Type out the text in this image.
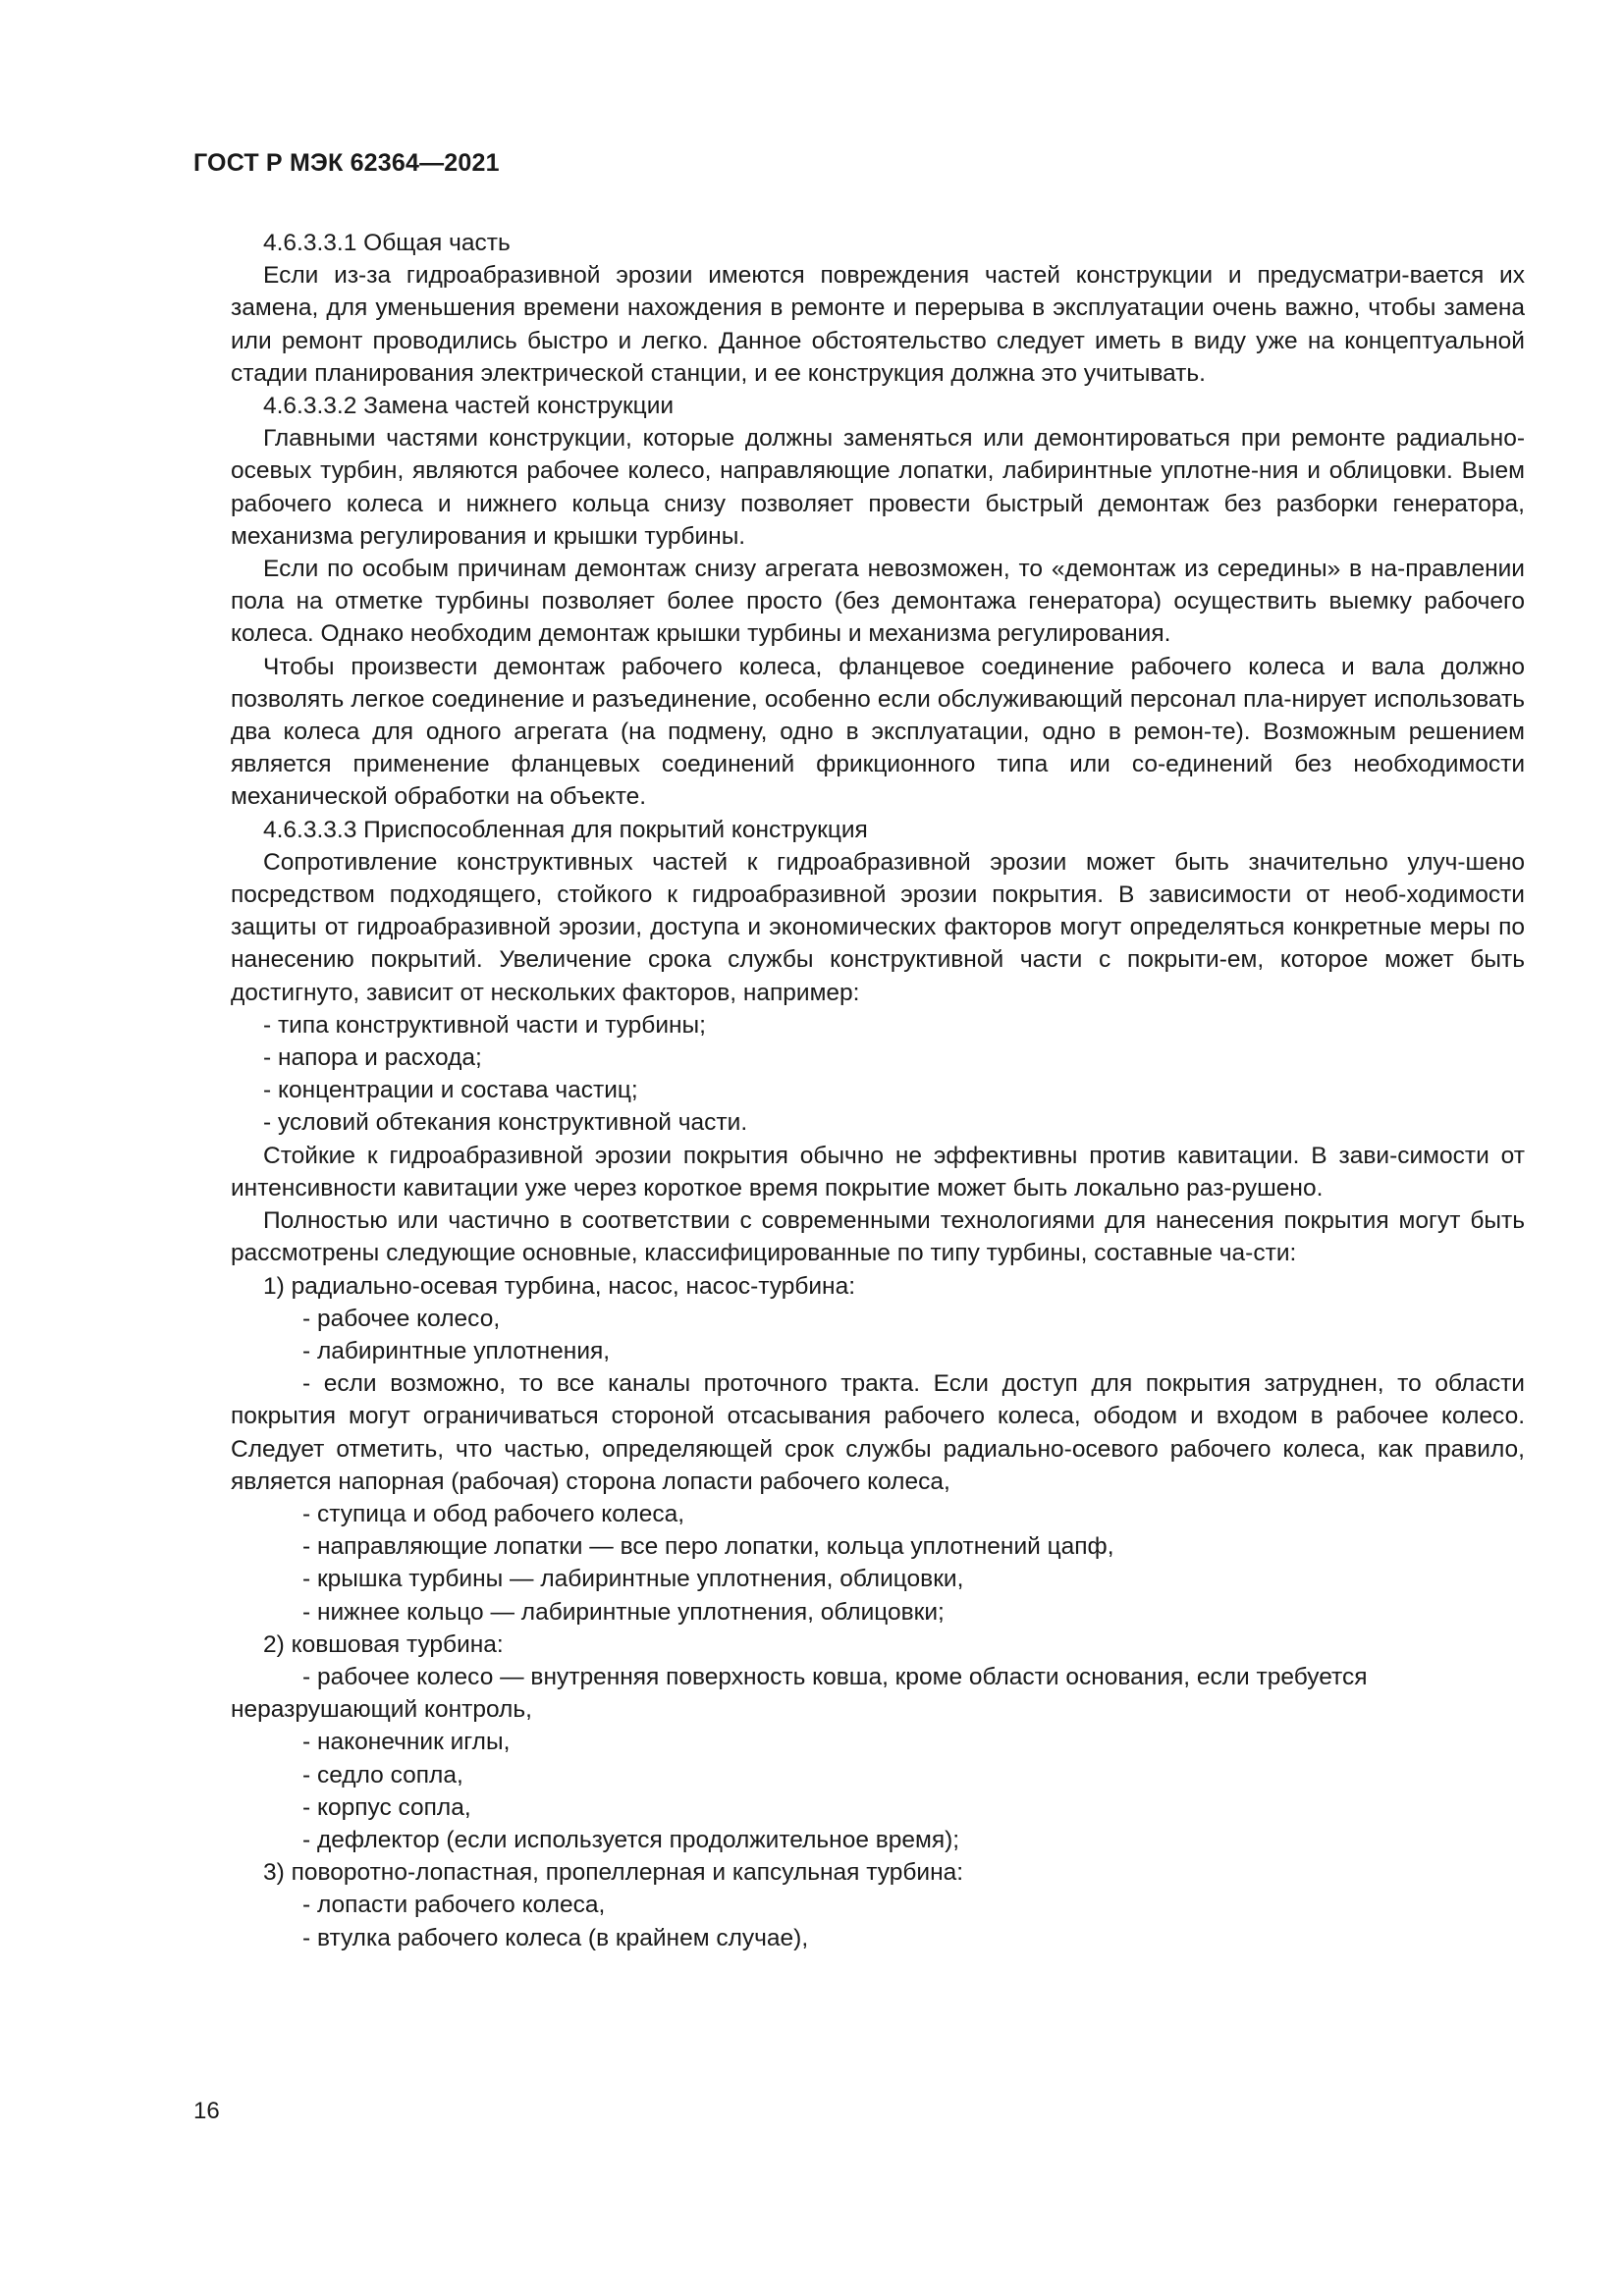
ГОСТ Р МЭК 62364—2021

4.6.3.3.1 Общая часть

Если из-за гидроабразивной эрозии имеются повреждения частей конструкции и предусматри-вается их замена, для уменьшения времени нахождения в ремонте и перерыва в эксплуатации очень важно, чтобы замена или ремонт проводились быстро и легко. Данное обстоятельство следует иметь в виду уже на концептуальной стадии планирования электрической станции, и ее конструкция должна это учитывать.

4.6.3.3.2 Замена частей конструкции

Главными частями конструкции, которые должны заменяться или демонтироваться при ремонте радиально-осевых турбин, являются рабочее колесо, направляющие лопатки, лабиринтные уплотне-ния и облицовки. Выем рабочего колеса и нижнего кольца снизу позволяет провести быстрый демонтаж без разборки генератора, механизма регулирования и крышки турбины.

Если по особым причинам демонтаж снизу агрегата невозможен, то «демонтаж из середины» в на-правлении пола на отметке турбины позволяет более просто (без демонтажа генератора) осуществить выемку рабочего колеса. Однако необходим демонтаж крышки турбины и механизма регулирования.

Чтобы произвести демонтаж рабочего колеса, фланцевое соединение рабочего колеса и вала должно позволять легкое соединение и разъединение, особенно если обслуживающий персонал пла-нирует использовать два колеса для одного агрегата (на подмену, одно в эксплуатации, одно в ремон-те). Возможным решением является применение фланцевых соединений фрикционного типа или со-единений без необходимости механической обработки на объекте.

4.6.3.3.3 Приспособленная для покрытий конструкция

Сопротивление конструктивных частей к гидроабразивной эрозии может быть значительно улуч-шено посредством подходящего, стойкого к гидроабразивной эрозии покрытия. В зависимости от необ-ходимости защиты от гидроабразивной эрозии, доступа и экономических факторов могут определяться конкретные меры по нанесению покрытий. Увеличение срока службы конструктивной части с покрыти-ем, которое может быть достигнуто, зависит от нескольких факторов, например:

- типа конструктивной части и турбины;

- напора и расхода;

- концентрации и состава частиц;

- условий обтекания конструктивной части.

Стойкие к гидроабразивной эрозии покрытия обычно не эффективны против кавитации. В зави-симости от интенсивности кавитации уже через короткое время покрытие может быть локально раз-рушено.

Полностью или частично в соответствии с современными технологиями для нанесения покрытия могут быть рассмотрены следующие основные, классифицированные по типу турбины, составные ча-сти:

1) радиально-осевая турбина, насос, насос-турбина:

- рабочее колесо,

- лабиринтные уплотнения,

- если возможно, то все каналы проточного тракта. Если доступ для покрытия затруднен, то области покрытия могут ограничиваться стороной отсасывания рабочего колеса, ободом и входом в рабочее колесо. Следует отметить, что частью, определяющей срок службы радиально-осевого рабочего колеса, как правило, является напорная (рабочая) сторона лопасти рабочего колеса,

- ступица и обод рабочего колеса,

- направляющие лопатки — все перо лопатки, кольца уплотнений цапф,

- крышка турбины — лабиринтные уплотнения, облицовки,

- нижнее кольцо — лабиринтные уплотнения, облицовки;

2) ковшовая турбина:

- рабочее колесо — внутренняя поверхность ковша, кроме области основания, если требуется неразрушающий контроль,

- наконечник иглы,

- седло сопла,

- корпус сопла,

- дефлектор (если используется продолжительное время);

3) поворотно-лопастная, пропеллерная и капсульная турбина:

- лопасти рабочего колеса,

- втулка рабочего колеса (в крайнем случае),

16
